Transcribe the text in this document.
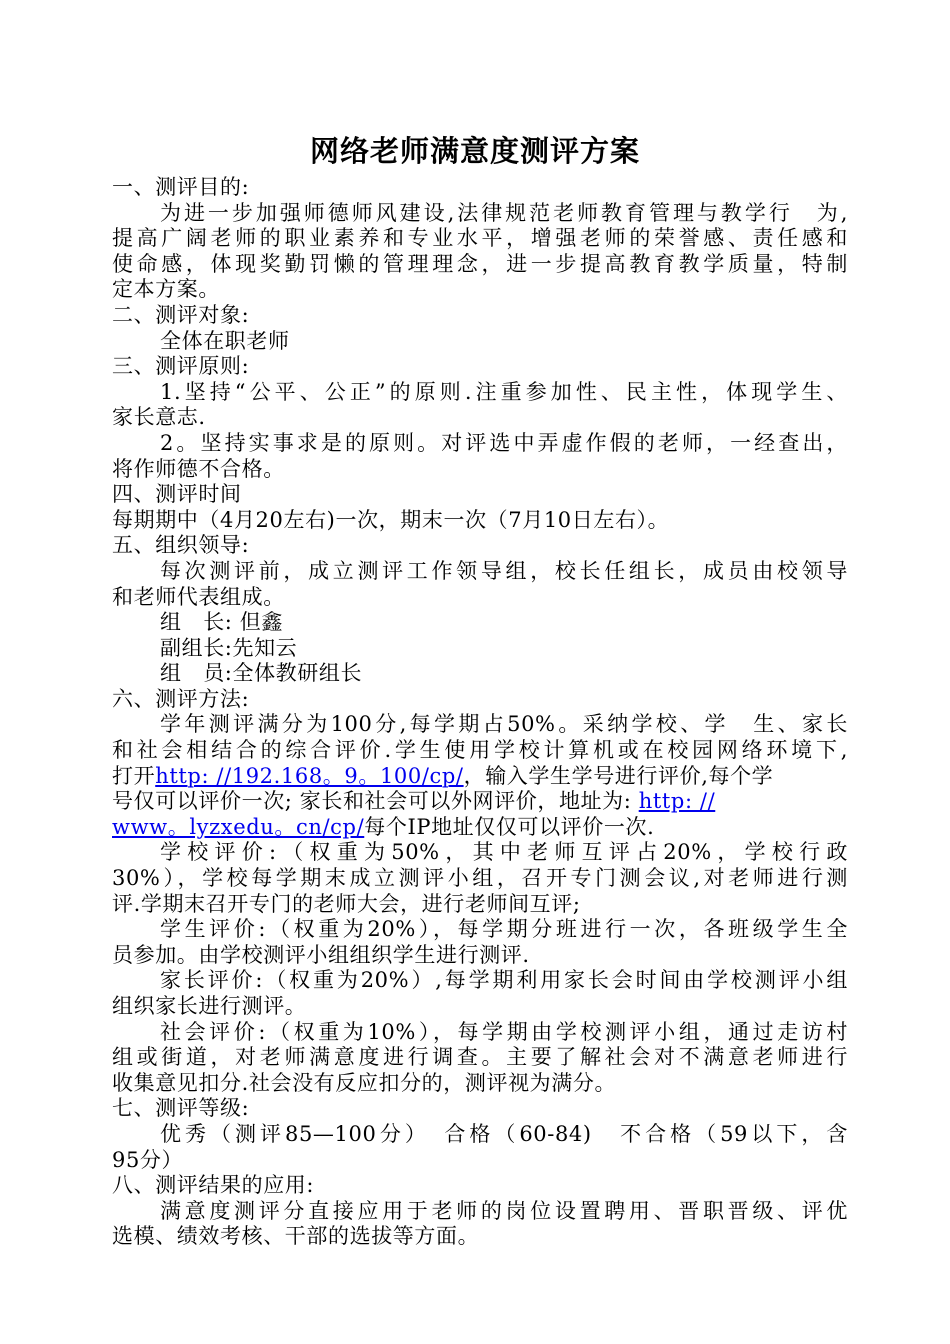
网络老师满意度测评方案
一、测评目的:
为进一步加强师德师风建设,法律规范老师教育管理与教学行　为,
提高广阔老师的职业素养和专业水平，增强老师的荣誉感、责任感和
使命感，体现奖勤罚懒的管理理念，进一步提高教育教学质量，特制
定本方案。
二、测评对象:
全体在职老师
三、测评原则:
1.坚持“公平、公正”的原则.注重参加性、民主性，体现学生、
家长意志.
2。坚持实事求是的原则。对评选中弄虚作假的老师，一经查出，
将作师德不合格。
四、测评时间
每期期中（4月20左右)一次，期末一次（7月10日左右）。
五、组织领导:
每次测评前，成立测评工作领导组，校长任组长，成员由校领导
和老师代表组成。
组　长: 但鑫
副组长:先知云
组　员:全体教研组长
六、测评方法:
学年测评满分为100分,每学期占50%。采纳学校、学　生、家长
和社会相结合的综合评价.学生使用学校计算机或在校园网络环境下,
打开http: //192.168。9。100/cp/，输入学生学号进行评价,每个学
号仅可以评价一次; 家长和社会可以外网评价，地址为: http: //
www。lyzxedu。cn/cp/每个IP地址仅仅可以评价一次.
学校评价:（权重为50%，其中老师互评占20%，学校行政
30%），学校每学期末成立测评小组，召开专门测会议,对老师进行测
评.学期末召开专门的老师大会，进行老师间互评;
学生评价:（权重为20%），每学期分班进行一次，各班级学生全
员参加。由学校测评小组组织学生进行测评.
家长评价:（权重为20%）,每学期利用家长会时间由学校测评小组
组织家长进行测评。
社会评价:（权重为10%），每学期由学校测评小组，通过走访村
组或街道，对老师满意度进行调查。主要了解社会对不满意老师进行
收集意见扣分.社会没有反应扣分的，测评视为满分。
七、测评等级:
优秀（测评85—100分）　合格（60-84)　不合格（59以下，含
95分）
八、测评结果的应用:
满意度测评分直接应用于老师的岗位设置聘用、晋职晋级、评优
选模、绩效考核、干部的选拔等方面。
